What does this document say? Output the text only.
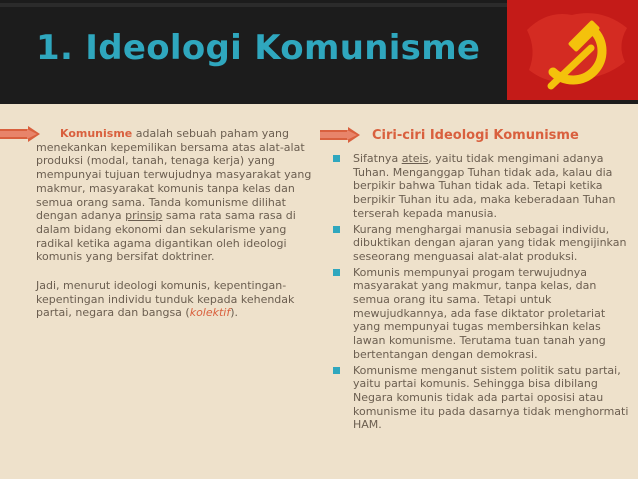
1. Ideologi Komunisme

Komunisme adalah sebuah paham yang menekankan kepemilikan bersama atas alat-alat produksi (modal, tanah, tenaga kerja) yang mempunyai tujuan terwujudnya masyarakat yang makmur, masyarakat komunis tanpa kelas dan semua orang sama. Tanda komunisme dilihat dengan adanya prinsip sama rata sama rasa di dalam bidang ekonomi dan sekularisme yang radikal ketika agama digantikan oleh ideologi komunis yang bersifat doktriner.

Jadi, menurut ideologi komunis, kepentingan-kepentingan individu tunduk kepada kehendak partai, negara dan bangsa (kolektif).

Ciri-ciri Ideologi Komunisme
Sifatnya ateis, yaitu tidak mengimani adanya Tuhan. Menganggap Tuhan tidak ada, kalau dia berpikir bahwa Tuhan tidak ada. Tetapi ketika berpikir Tuhan itu ada, maka keberadaan Tuhan terserah kepada manusia.
Kurang menghargai manusia sebagai individu, dibuktikan dengan ajaran yang tidak mengijinkan seseorang menguasai alat-alat produksi.
Komunis mempunyai progam terwujudnya masyarakat yang makmur, tanpa kelas, dan semua orang itu sama. Tetapi untuk mewujudkannya, ada fase diktator proletariat yang mempunyai tugas membersihkan kelas lawan komunisme. Terutama tuan tanah yang bertentangan dengan demokrasi.
Komunisme menganut sistem politik satu partai, yaitu partai komunis. Sehingga bisa dibilang Negara komunis tidak ada partai oposisi atau komunisme itu pada dasarnya tidak menghormati HAM.
